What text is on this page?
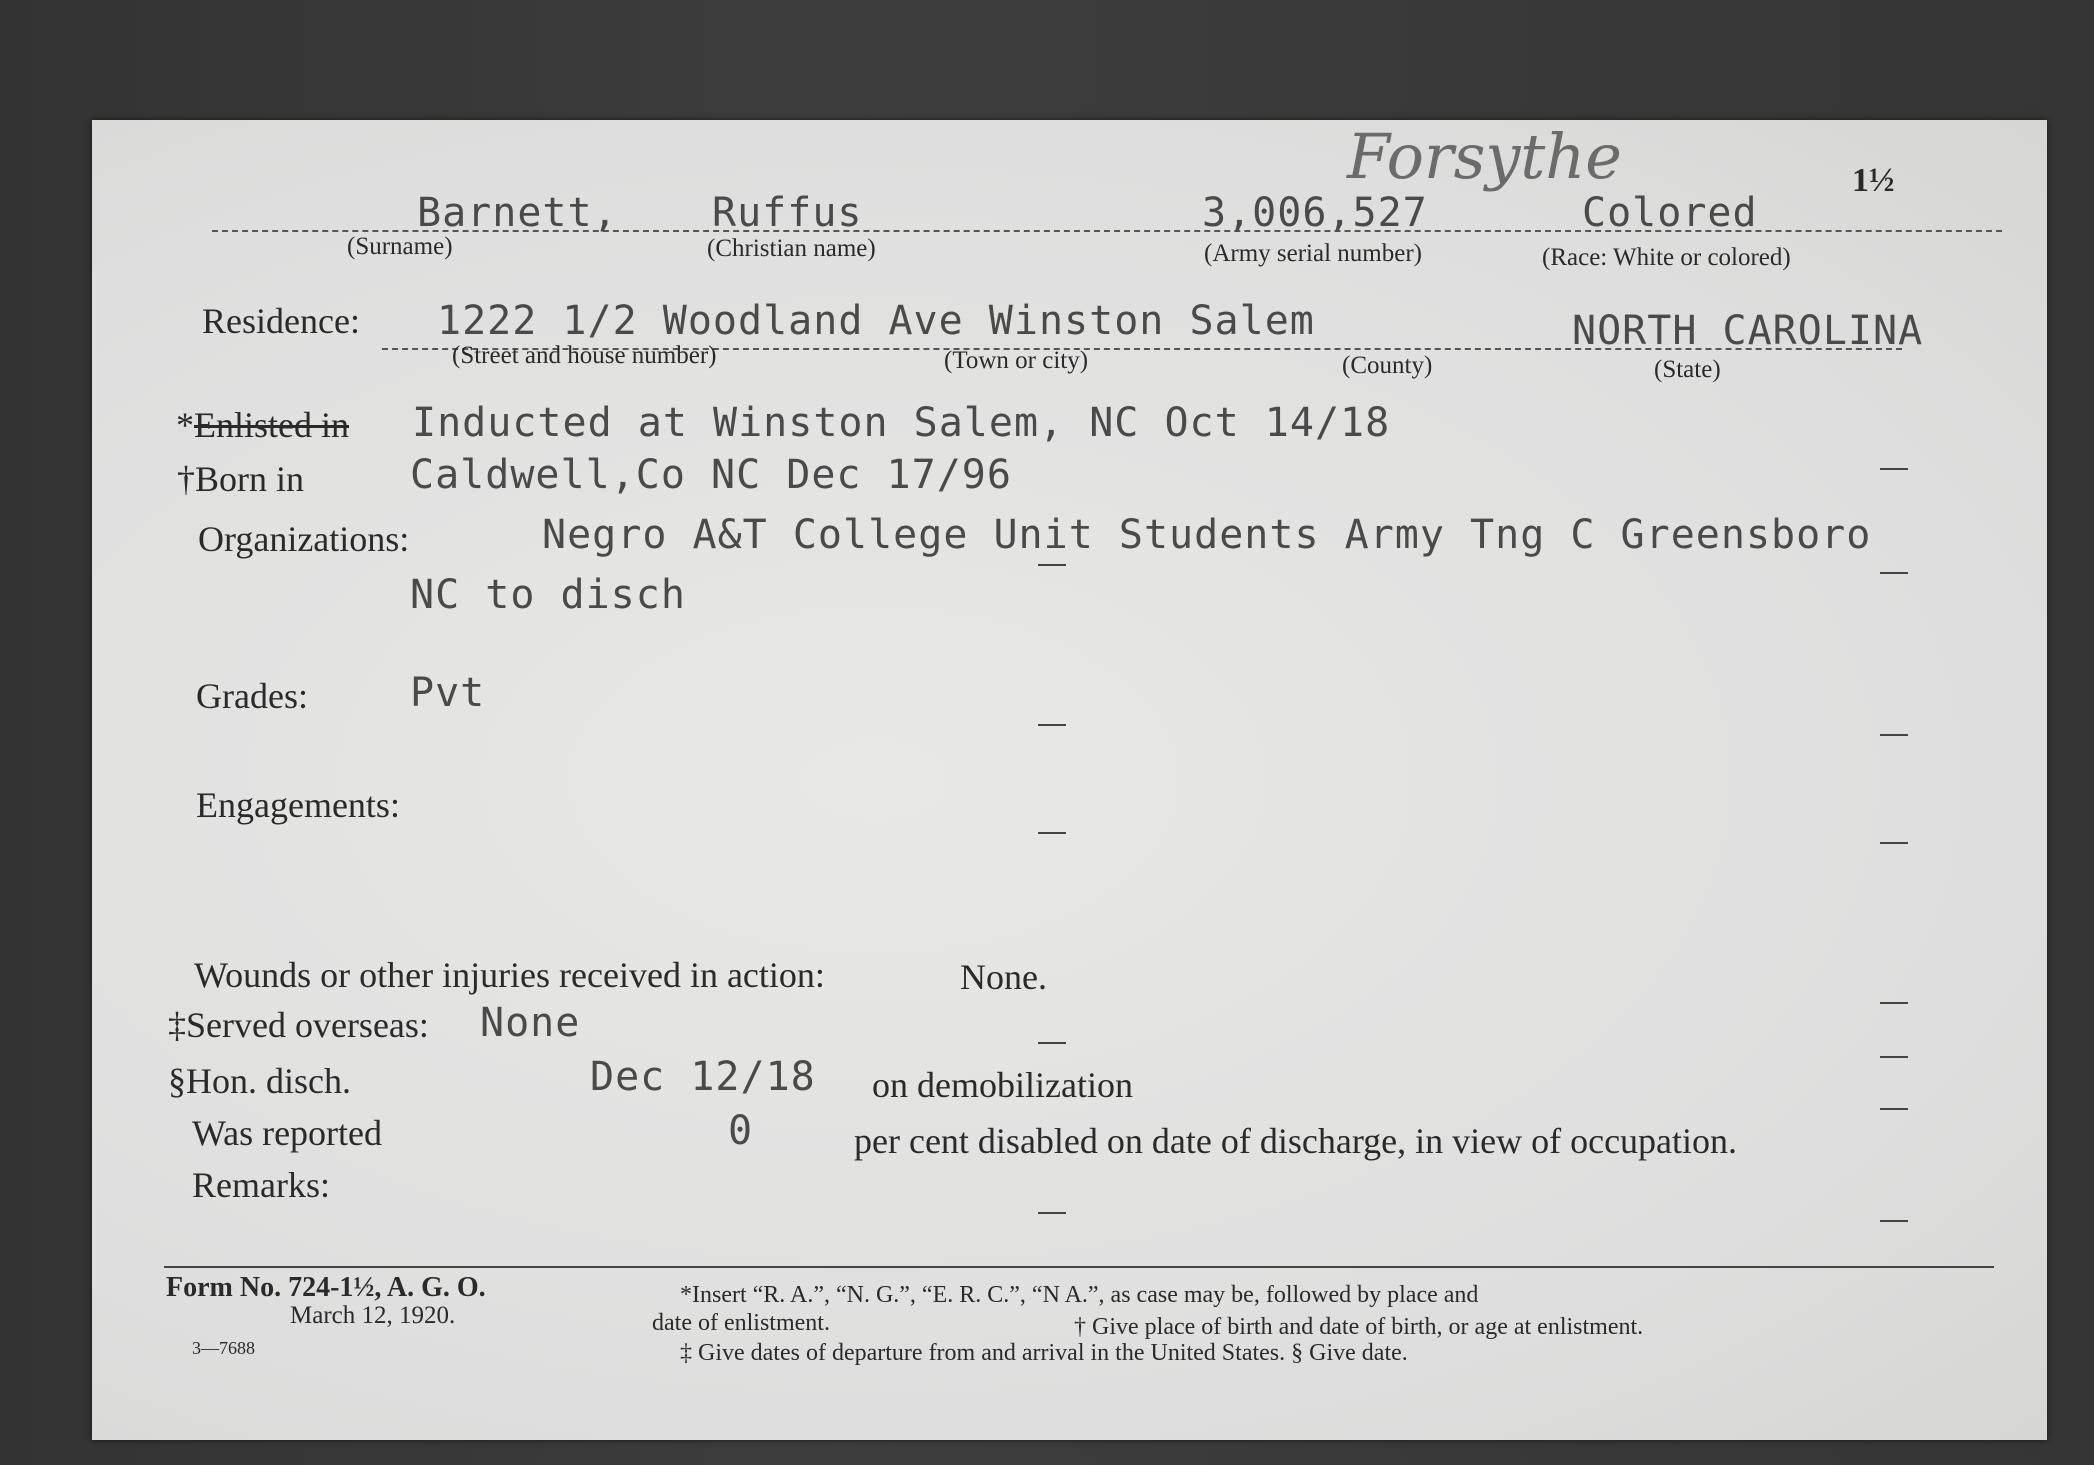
Forsythe	1½
Barnett, Ruffus	3,006,527	Colored
(Surname)	(Christian name)	(Army serial number)	(Race: White or colored)
Residence: 1222 1/2 Woodland Ave Winston Salem	NORTH CAROLINA
(Street and house number)	(Town or city)	(County)	(State)
*Enlisted in Inducted at Winston Salem, NC Oct 14/18
†Born in	Caldwell,Co NC Dec 17/96
Organizations:	Negro A&T College Unit Students Army Tng C Greensboro
NC to disch
Grades:	Pvt
Engagements:
Wounds or other injuries received in action:	None.
‡Served overseas: None
§Hon. disch.	Dec 12/18 on demobilization
Was reported	0	per cent disabled on date of discharge, in view of occupation.
Remarks:
Form No. 724-1½, A. G. O.
March 12, 1920.
3—7688
*Insert “R. A.”, “N. G.”, “E. R. C.”, “N A.”, as case may be, followed by place and
date of enlistment.	† Give place of birth and date of birth, or age at enlistment.
‡ Give dates of departure from and arrival in the United States. § Give date.
